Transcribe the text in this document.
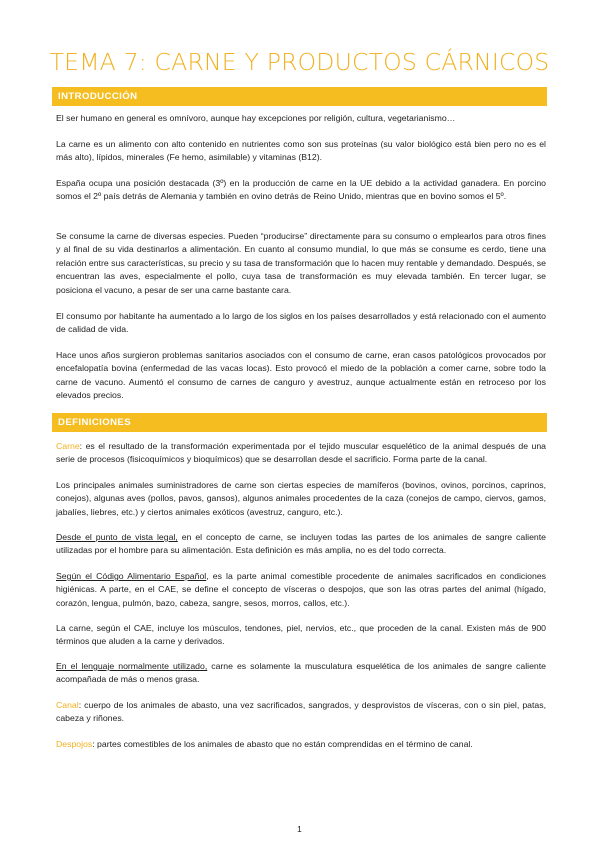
TEMA 7: CARNE Y PRODUCTOS CÁRNICOS
INTRODUCCIÓN

El ser humano en general es omnívoro, aunque hay excepciones por religión, cultura, vegetarianismo…

La carne es un alimento con alto contenido en nutrientes como son sus proteínas (su valor biológico está bien pero no es el más alto), lípidos, minerales (Fe hemo, asimilable) y vitaminas (B12).

España ocupa una posición destacada (3º) en la producción de carne en la UE debido a la actividad ganadera. En porcino somos el 2º país detrás de Alemania y también en ovino detrás de Reino Unido, mientras que en bovino somos el 5º.

Se consume la carne de diversas especies. Pueden “producirse” directamente para su consumo o emplearlos para otros fines y al final de su vida destinarlos a alimentación. En cuanto al consumo mundial, lo que más se consume es cerdo, tiene una relación entre sus características, su precio y su tasa de transformación que lo hacen muy rentable y demandado. Después, se encuentran las aves, especialmente el pollo, cuya tasa de transformación es muy elevada también. En tercer lugar, se posiciona el vacuno, a pesar de ser una carne bastante cara.

El consumo por habitante ha aumentado a lo largo de los siglos en los países desarrollados y está relacionado con el aumento de calidad de vida.

Hace unos años surgieron problemas sanitarios asociados con el consumo de carne, eran casos patológicos provocados por encefalopatía bovina (enfermedad de las vacas locas). Esto provocó el miedo de la población a comer carne, sobre todo la carne de vacuno. Aumentó el consumo de carnes de canguro y avestruz, aunque actualmente están en retroceso por los elevados precios.

DEFINICIONES

Carne: es el resultado de la transformación experimentada por el tejido muscular esquelético de la animal después de una serie de procesos (fisicoquímicos y bioquímicos) que se desarrollan desde el sacrificio. Forma parte de la canal.

Los principales animales suministradores de carne son ciertas especies de mamíferos (bovinos, ovinos, porcinos, caprinos, conejos), algunas aves (pollos, pavos, gansos), algunos animales procedentes de la caza (conejos de campo, ciervos, gamos, jabalíes, liebres, etc.) y ciertos animales exóticos (avestruz, canguro, etc.).

Desde el punto de vista legal, en el concepto de carne, se incluyen todas las partes de los animales de sangre caliente utilizadas por el hombre para su alimentación. Esta definición es más amplia, no es del todo correcta.

Según el Código Alimentario Español, es la parte animal comestible procedente de animales sacrificados en condiciones higiénicas. A parte, en el CAE, se define el concepto de vísceras o despojos, que son las otras partes del animal (hígado, corazón, lengua, pulmón, bazo, cabeza, sangre, sesos, morros, callos, etc.).

La carne, según el CAE, incluye los músculos, tendones, piel, nervios, etc., que proceden de la canal. Existen más de 900 términos que aluden a la carne y derivados.

En el lenguaje normalmente utilizado, carne es solamente la musculatura esquelética de los animales de sangre caliente acompañada de más o menos grasa.

Canal: cuerpo de los animales de abasto, una vez sacrificados, sangrados, y desprovistos de vísceras, con o sin piel, patas, cabeza y riñones.

Despojos: partes comestibles de los animales de abasto que no están comprendidas en el término de canal.

1
